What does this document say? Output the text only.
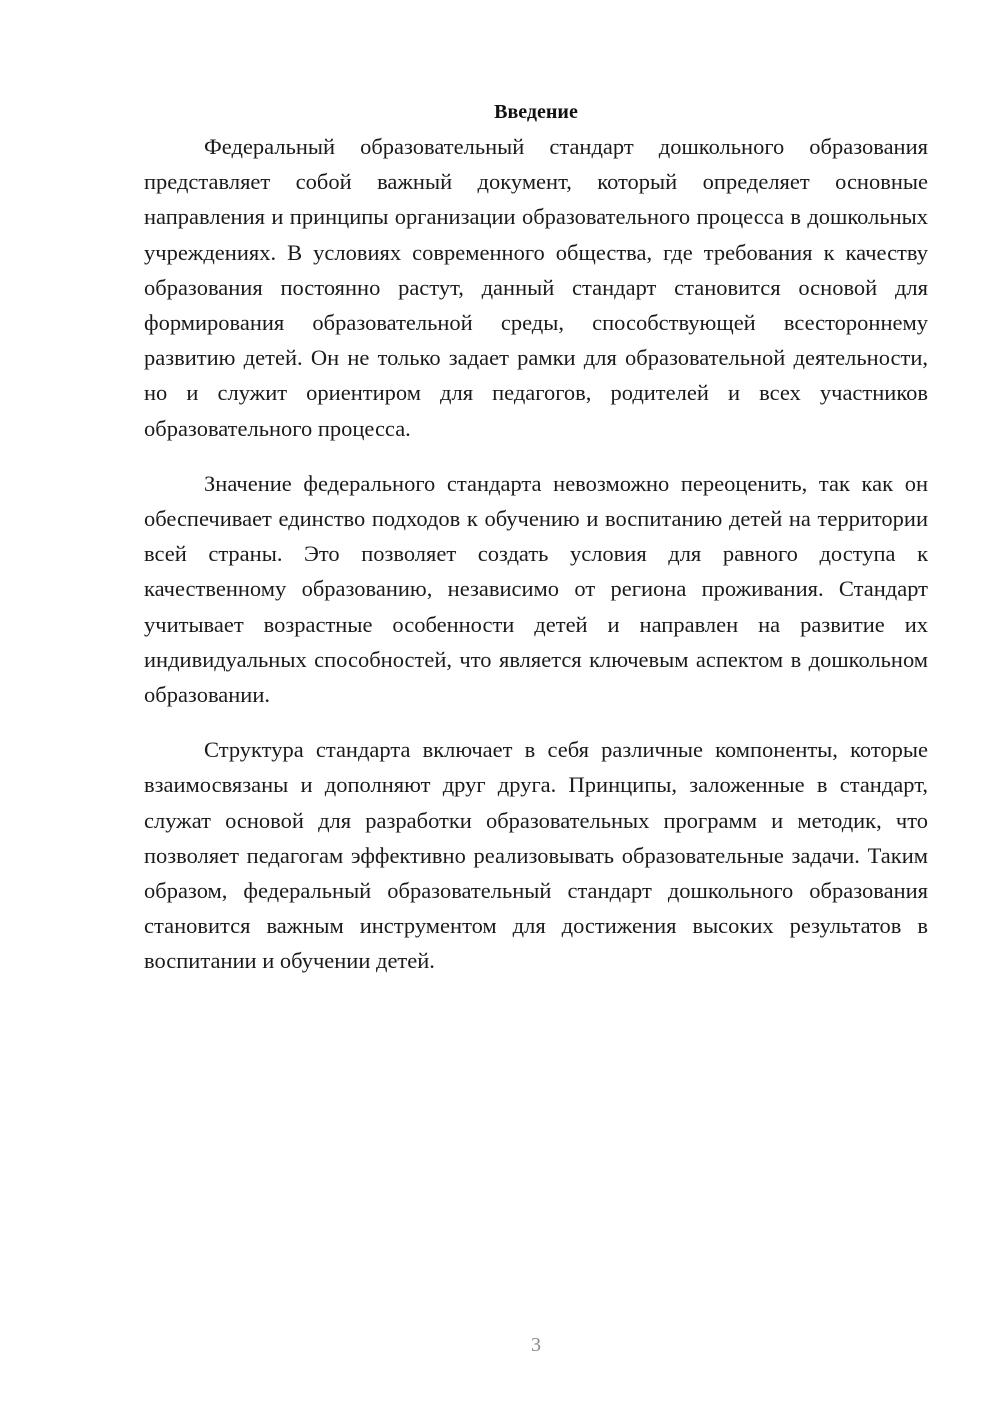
Введение

Федеральный образовательный стандарт дошкольного образования представляет собой важный документ, который определяет основные направления и принципы организации образовательного процесса в дошкольных учреждениях. В условиях современного общества, где требования к качеству образования постоянно растут, данный стандарт становится основой для формирования образовательной среды, способствующей всестороннему развитию детей. Он не только задает рамки для образовательной деятельности, но и служит ориентиром для педагогов, родителей и всех участников образовательного процесса.

Значение федерального стандарта невозможно переоценить, так как он обеспечивает единство подходов к обучению и воспитанию детей на территории всей страны. Это позволяет создать условия для равного доступа к качественному образованию, независимо от региона проживания. Стандарт учитывает возрастные особенности детей и направлен на развитие их индивидуальных способностей, что является ключевым аспектом в дошкольном образовании.

Структура стандарта включает в себя различные компоненты, которые взаимосвязаны и дополняют друг друга. Принципы, заложенные в стандарт, служат основой для разработки образовательных программ и методик, что позволяет педагогам эффективно реализовывать образовательные задачи. Таким образом, федеральный образовательный стандарт дошкольного образования становится важным инструментом для достижения высоких результатов в воспитании и обучении детей.

3
